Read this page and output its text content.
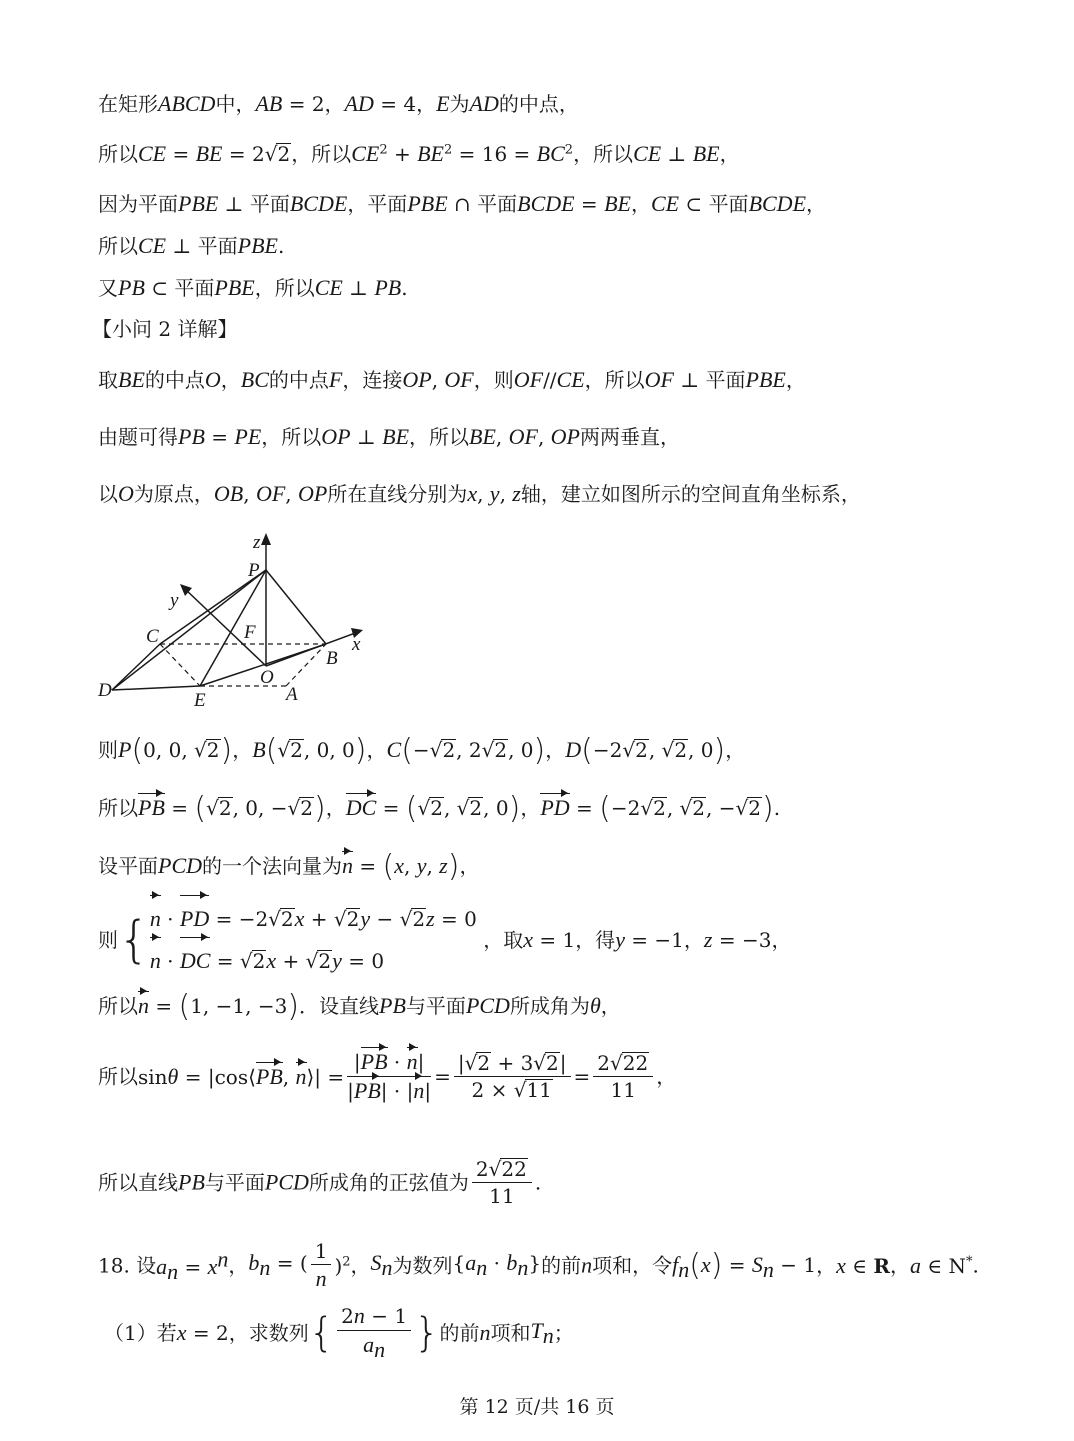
在矩形ABCD中，AB = 2，AD = 4，E为AD的中点，
所以CE = BE = 2√2，所以$CE^2 + BE^2 = 16 = BC^2$，所以CE ⊥ BE，
因为平面PBE ⊥ 平面BCDE，平面PBE ∩ 平面BCDE = BE，CE ⊂ 平面BCDE，
所以CE ⊥ 平面PBE.
又PB ⊂ 平面PBE，所以CE ⊥ PB.
【小问 2 详解】
取BE的中点O，BC的中点F，连接OP, OF，则OF//CE，所以OF ⊥ 平面PBE，
由题可得PB = PE，所以OP ⊥ BE，所以BE, OF, OP两两垂直，
以O为原点，OB, OF, OP所在直线分别为x, y, z轴，建立如图所示的空间直角坐标系，
z
P
y
C	F
x
B
O
D	E	A
则P(0, 0, √2)，B(√2, 0, 0)，C(−√2, 2√2, 0)，D(−2√2, √2, 0)，
所以PB = (√2, 0, −√2)，DC = (√2, √2, 0)，PD = (−2√2, √2, −√2).
设平面PCD的一个法向量为n = (x, y, z)，
则{ n · PD = −2√2x + √2y − √2z = 0
n · DC = √2x + √2y = 0
，取x = 1，得y = −1，z = −3，
所以n = (1, −1, −3)．设直线PB与平面PCD所成角为θ，
所以sinθ = |cos⟨PB, n⟩| = $\frac{|PB \cdot n|}{|PB| \cdot |n|} = \frac{|√2 + 3√2|}{2 \times √11} = \frac{2√22}{11}$ ，
所以直线PB与平面PCD所成角的正弦值为 $\frac{2√22}{11}$ .
18. 设$a_n = x^n$，$b_n$ = ( $\frac{1}{n} )^2$，$S_n$为数列$\{a_n \cdot b_n\}$的前n项和，令$f_n(x) = S_n - 1$，x ∈ R，a ∈ N*.
（1）若x = 2，求数列{ $\frac{2n - 1}{a_n}$ }的前n项和$T_n$；
第 12 页/共 16 页
